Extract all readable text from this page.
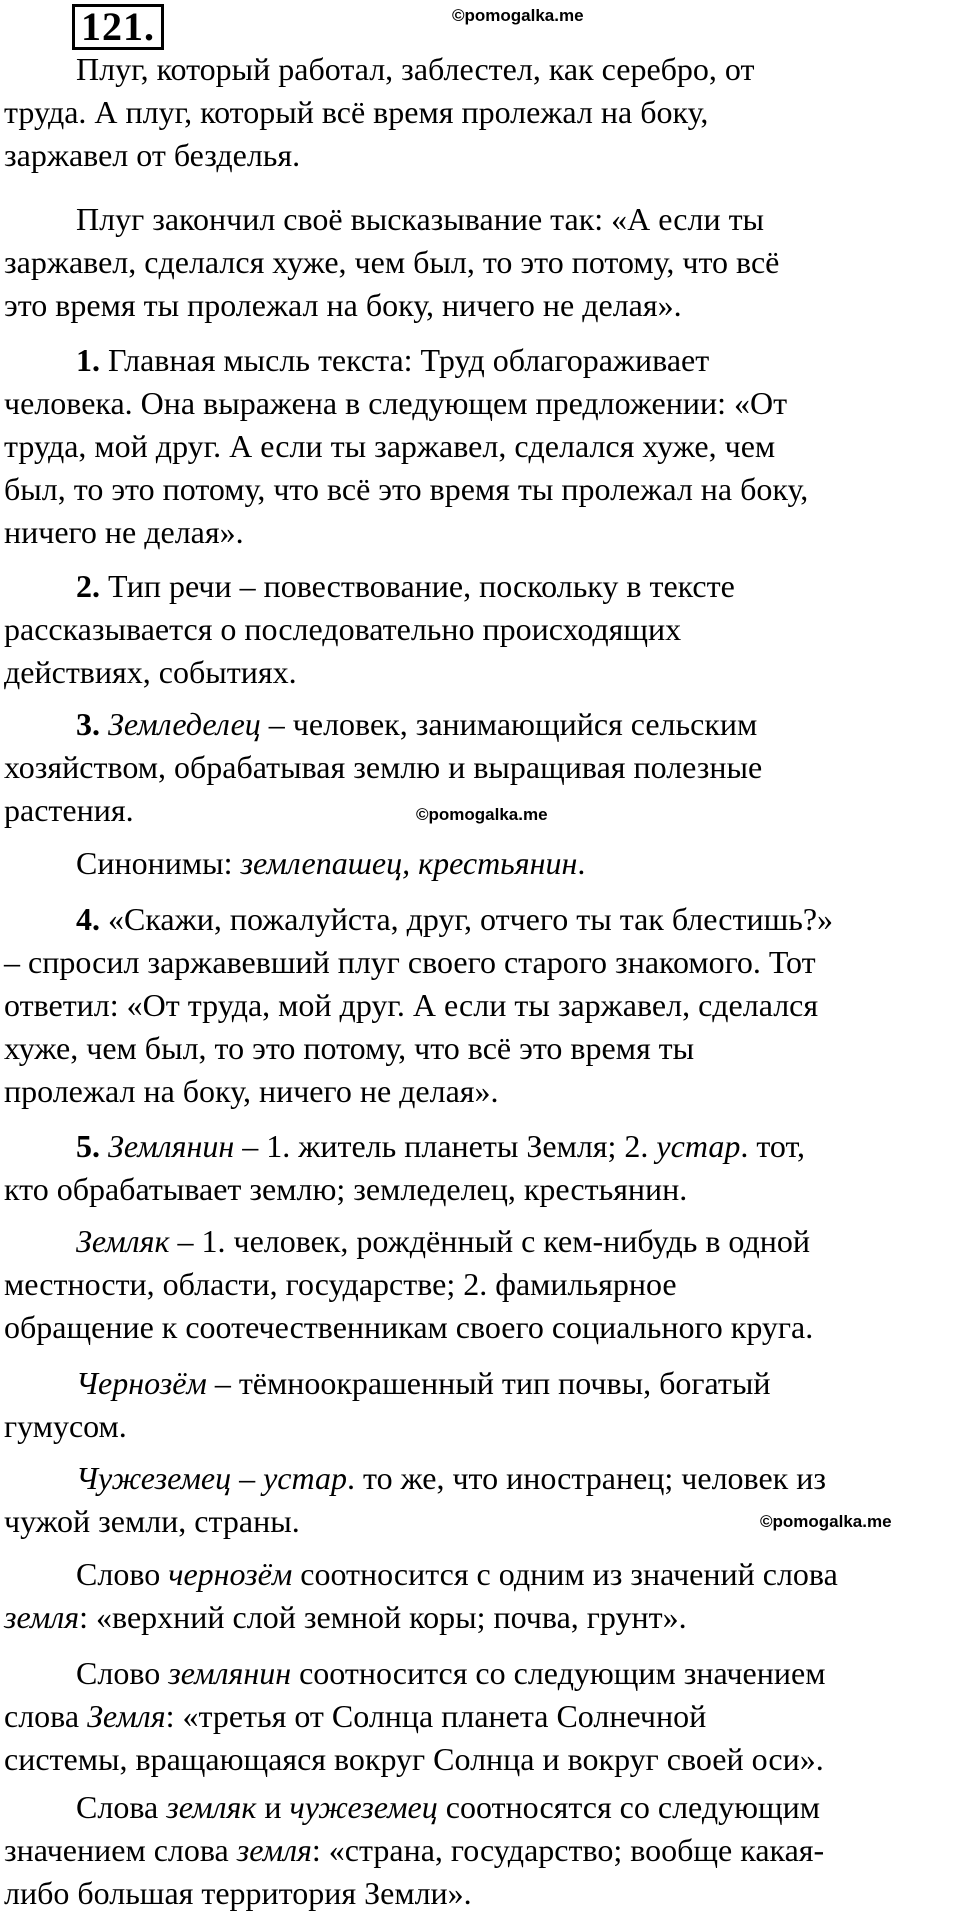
121.	©pomogalka.me
Плуг, который работал, заблестел, как серебро, от
труда. А плуг, который всё время пролежал на боку,
заржавел от безделья.
Плуг закончил своё высказывание так: «А если ты
заржавел, сделался хуже, чем был, то это потому, что всё
это время ты пролежал на боку, ничего не делая».
1. Главная мысль текста: Труд облагораживает
человека. Она выражена в следующем предложении: «От
труда, мой друг. А если ты заржавел, сделался хуже, чем
был, то это потому, что всё это время ты пролежал на боку,
ничего не делая».
2. Тип речи – повествование, поскольку в тексте
рассказывается о последовательно происходящих
действиях, событиях.
3. Земледелец – человек, занимающийся сельским
хозяйством, обрабатывая землю и выращивая полезные
растения.	©pomogalka.me
Синонимы: землепашец, крестьянин.
4. «Скажи, пожалуйста, друг, отчего ты так блестишь?»
– спросил заржавевший плуг своего старого знакомого. Тот
ответил: «От труда, мой друг. А если ты заржавел, сделался
хуже, чем был, то это потому, что всё это время ты
пролежал на боку, ничего не делая».
5. Землянин – 1. житель планеты Земля; 2. устар. тот,
кто обрабатывает землю; земледелец, крестьянин.
Земляк – 1. человек, рождённый с кем-нибудь в одной
местности, области, государстве; 2. фамильярное
обращение к соотечественникам своего социального круга.
Чернозём – тёмноокрашенный тип почвы, богатый
гумусом.
Чужеземец – устар. то же, что иностранец; человек из
чужой земли, страны.	©pomogalka.me
Слово чернозём соотносится с одним из значений слова
земля: «верхний слой земной коры; почва, грунт».
Слово землянин соотносится со следующим значением
слова Земля: «третья от Солнца планета Солнечной
системы, вращающаяся вокруг Солнца и вокруг своей оси».
Слова земляк и чужеземец соотносятся со следующим
значением слова земля: «страна, государство; вообще какая-
либо большая территория Земли».
